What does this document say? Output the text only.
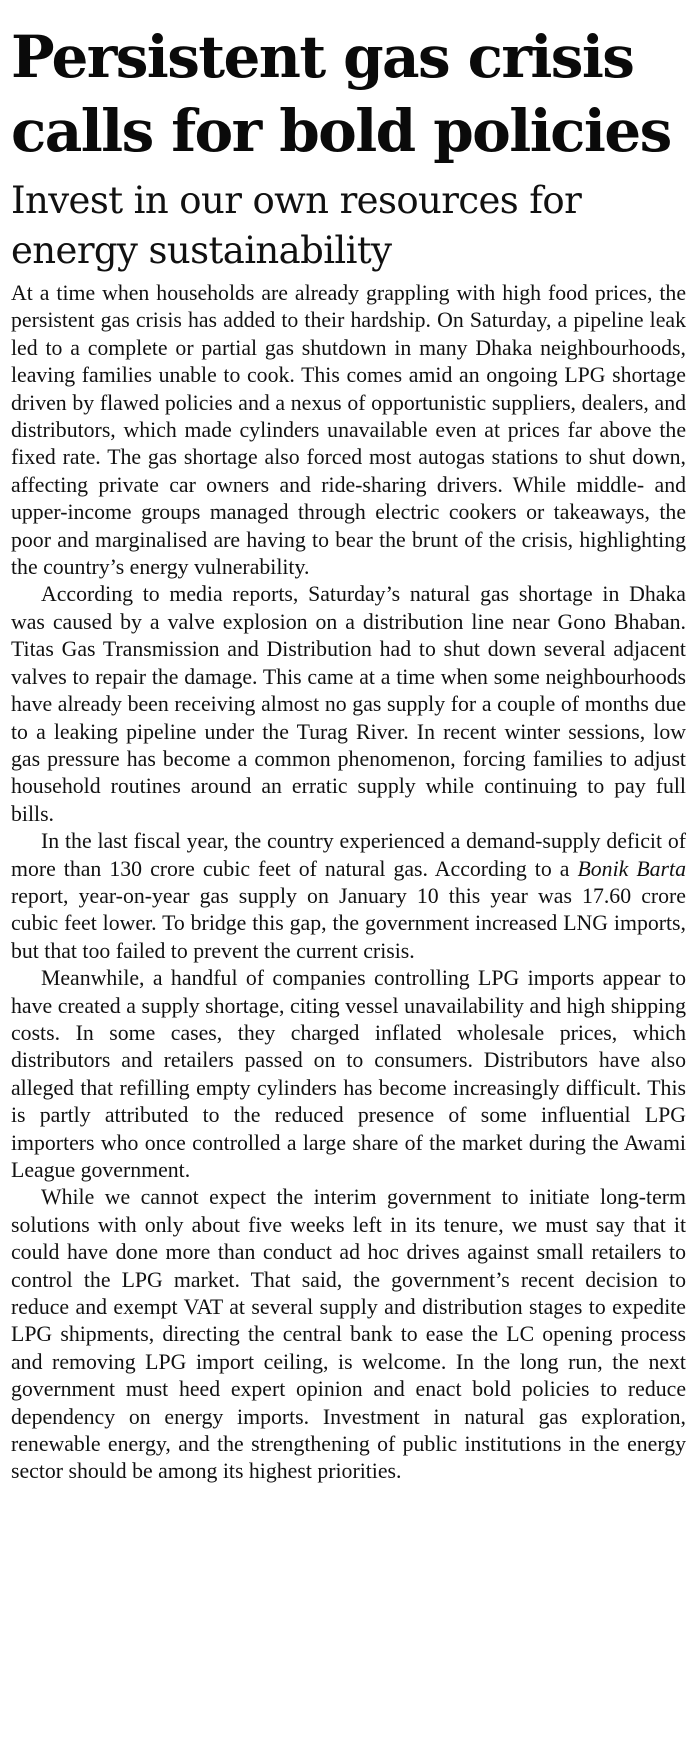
Persistent gas crisis calls for bold policies
Invest in our own resources for energy sustainability

At a time when households are already grappling with high food prices, the persistent gas crisis has added to their hardship. On Saturday, a pipeline leak led to a complete or partial gas shutdown in many Dhaka neighbourhoods, leaving families unable to cook. This comes amid an ongoing LPG shortage driven by flawed policies and a nexus of opportunistic suppliers, dealers, and distributors, which made cylinders unavailable even at prices far above the fixed rate. The gas shortage also forced most autogas stations to shut down, affecting private car owners and ride-sharing drivers. While middle- and upper-income groups managed through electric cookers or takeaways, the poor and marginalised are having to bear the brunt of the crisis, highlighting the country’s energy vulnerability.

According to media reports, Saturday’s natural gas shortage in Dhaka was caused by a valve explosion on a distribution line near Gono Bhaban. Titas Gas Transmission and Distribution had to shut down several adjacent valves to repair the damage. This came at a time when some neighbourhoods have already been receiving almost no gas supply for a couple of months due to a leaking pipeline under the Turag River. In recent winter sessions, low gas pressure has become a common phenomenon, forcing families to adjust household routines around an erratic supply while continuing to pay full bills.

In the last fiscal year, the country experienced a demand-supply deficit of more than 130 crore cubic feet of natural gas. According to a Bonik Barta report, year-on-year gas supply on January 10 this year was 17.60 crore cubic feet lower. To bridge this gap, the government increased LNG imports, but that too failed to prevent the current crisis.

Meanwhile, a handful of companies controlling LPG imports appear to have created a supply shortage, citing vessel unavailability and high shipping costs. In some cases, they charged inflated wholesale prices, which distributors and retailers passed on to consumers. Distributors have also alleged that refilling empty cylinders has become increasingly difficult. This is partly attributed to the reduced presence of some influential LPG importers who once controlled a large share of the market during the Awami League government.

While we cannot expect the interim government to initiate long-term solutions with only about five weeks left in its tenure, we must say that it could have done more than conduct ad hoc drives against small retailers to control the LPG market. That said, the government’s recent decision to reduce and exempt VAT at several supply and distribution stages to expedite LPG shipments, directing the central bank to ease the LC opening process and removing LPG import ceiling, is welcome. In the long run, the next government must heed expert opinion and enact bold policies to reduce dependency on energy imports. Investment in natural gas exploration, renewable energy, and the strengthening of public institutions in the energy sector should be among its highest priorities.
